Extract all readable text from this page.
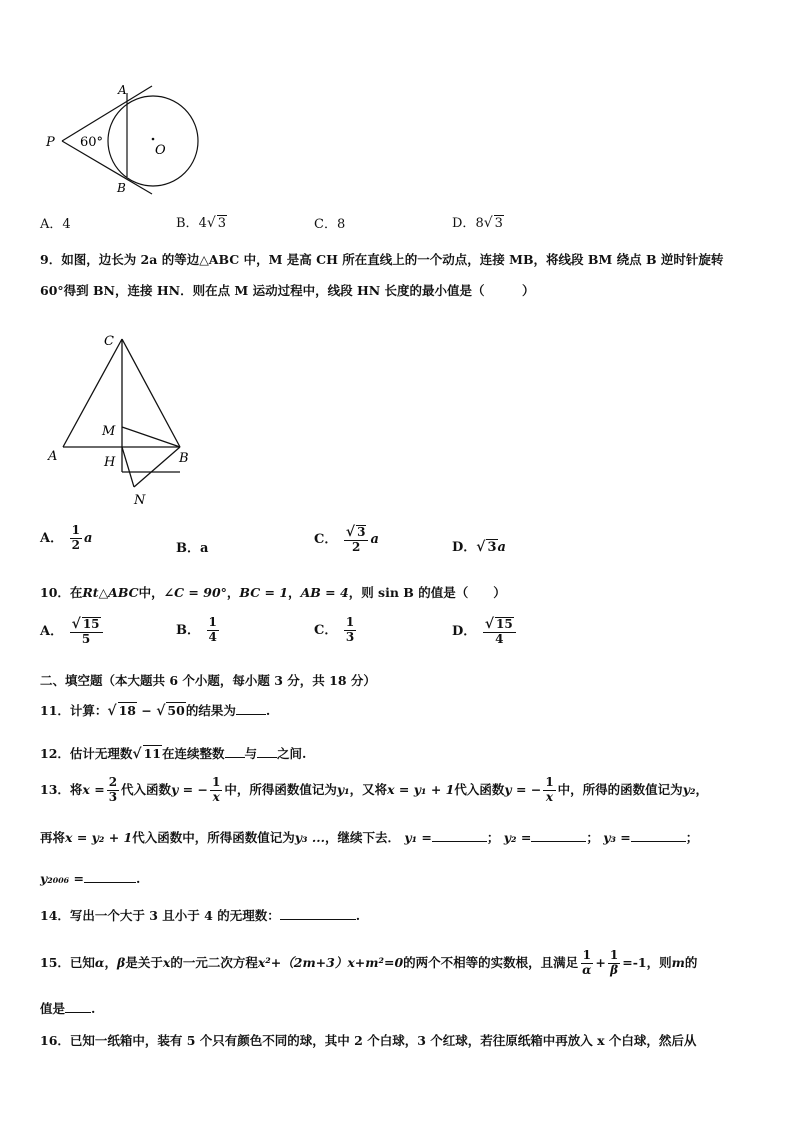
P
A
B
O
60°
A．4	B．4√ 3	C．8	D．8√ 3
9．如图，边长为 2a 的等边△ABC 中，M 是高 CH 所在直线上的一个动点，连接 MB，将线段 BM 绕点 B 逆时针旋转
60°得到 BN，连接 HN．则在点 M 运动过程中，线段 HN 长度的最小值是（　　　）
C
M
A	H	B
N
A． $\frac{1}{2}$ a
B．a
C． $\frac{√ 3}{2}$ a
D．√ 3a
10．在Rt△ABC中，∠C = 90°，BC = 1，AB = 4，则 sin B 的值是（　　）
A． $\frac{√ 15}{5}$	B． $\frac{1}{4}$	C． $\frac{1}{3}$	D． $\frac{√ 15}{4}$
二、填空题（本大题共 6 个小题，每小题 3 分，共 18 分）
11．计算：√ 18 − √ 50的结果为 .
12．估计无理数√ 11在连续整数 与 之间.
13．将$x = \frac{2}{3}$ 代入函数y = − $\frac{1}{x}$ 中，所得函数值记为y₁，又将x = y₁ + 1代入函数y = − $\frac{1}{x}$ 中，所得的函数值记为y₂，
再将x = y₂ + 1代入函数中，所得函数值记为y₃ ...，继续下去． y₁ =	； y₂ =	； y₃ =	；
y₂₀₀₆ =	.
14．写出一个大于 3 且小于 4 的无理数：	.
15．已知α，β是关于x的一元二次方程x²+（2m+3）x+m²=0的两个不相等的实数根，且满足 $\frac{1}{\alpha} + \frac{1}{\beta} =-1$，则m的
值是 .
16．已知一纸箱中，装有 5 个只有颜色不同的球，其中 2 个白球，3 个红球，若往原纸箱中再放入 x 个白球，然后从
